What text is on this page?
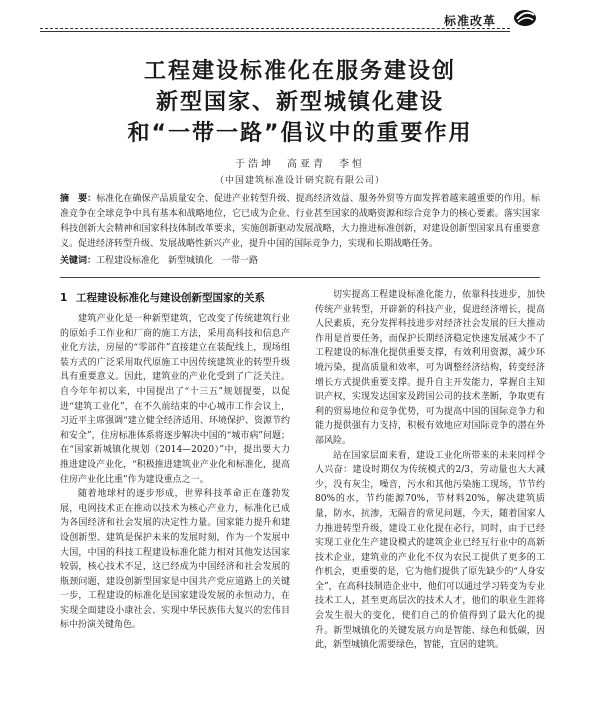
标准改革
工程建设标准化在服务建设创
新型国家、新型城镇化建设
和“一带一路”倡议中的重要作用
于浩坤　高亚青　李恒
（中国建筑标准设计研究院有限公司）
摘　要：标准化在确保产品质量安全、促进产业转型升级、提高经济效益、服务外贸等方面发挥着越来越重要的作用。标准竞争在全球竞争中具有基本和战略地位，它已成为企业、行业甚至国家的战略资源和综合竞争力的核心要素。落实国家科技创新大会精神和国家科技体制改革要求，实施创新驱动发展战略，大力推进标准创新，对建设创新型国家具有重要意义。促进经济转型升级、发展战略性新兴产业，提升中国的国际竞争力，实现和长期战略任务。
关键词：工程建设标准化　新型城镇化　一带一路
1 工程建设标准化与建设创新型国家的关系

建筑产业化是一种新型建筑，它改变了传统建筑行业的原始手工作业和厂商的施工方法，采用高科技和信息产业化方法，房屋的“零部件”直接建立在装配线上，现场组装方式的广泛采用取代原施工中因传统建筑业的转型升级具有重要意义。因此，建筑业的产业化受到了广泛关注。自今年年初以来，中国提出了“十三五”规划提要，以促进“建筑工业化”，在不久前结束的中心城市工作会议上，习近平主席强调“建立健全经济适用、环境保护、资源节约和安全”，住房标准体系将逐步解决中国的“城市病”问题；在“国家新城镇化规划（2014—2020）”中，提出要大力推进建设产业化，“积极推进建筑业产业化和标准化，提高住房产业化比重”作为建设重点之一。

随着地球村的逐步形成，世界科技革命正在蓬勃发展，电网技术正在推动以技术为核心产业力，标准化已成为各国经济和社会发展的决定性力量。国家能力提升和建设创新型、建筑是保护未来的发展时刻，作为一个发展中大国，中国的科技工程建设标准化能力相对其他发达国家较弱，核心技术不足，这已经成为中国经济和社会发展的瓶颈问题，建设创新型国家是中国共产党应道路上的关键一步，工程建设的标准化是国家建设发展的永恒动力，在实现全面建设小康社会、实现中华民族伟大复兴的宏伟目标中扮演关键角色。

切实提高工程建设标准化能力，依靠科技进步，加快传统产业转型，开辟新的科技产业，促进经济增长，提高人民素质，充分发挥科技进步对经济社会发展的巨大推动作用是首要任务，而保护长期经济稳定快速发展减少不了工程建设的标准化提供重要支撑，有效利用资源，减少环境污染，提高质量和效率，可为调整经济结构，转变经济增长方式提供重要支撑。提升自主开发能力，掌握自主知识产权，实现发达国家及跨国公司的技术垄断，争取更有利的贸易地位和竞争优势，可为提高中国的国际竞争力和能力提供强有力支持，积极有效地应对国际竞争的潜在外部风险。

站在国家层面来看，建设工业化所带来的未来同样令人兴奋：建设时期仅为传统模式的2/3，劳动量也大大减少，没有灰尘，噪音，污水和其他污染施工现场，节节约80%的水，节约能源70%，节材料20%，解决建筑质量，防水，抗渗，无隔音的常见问题，今天，随着国家人力推进转型升级，建设工业化提在必行，同时，由于已经实现工业化生产建设模式的建筑企业已经互行业中的高新技术企业，建筑业的产业化不仅为农民工提供了更多的工作机会，更重要的是，它为他们提供了原先缺少的“人身安全”，在高科技制造企业中，他们可以通过学习转变为专业技术工人，甚至更高层次的技术人才，他们的职业生涯将会发生很大的变化，使们自己的价值得到了最大化的提升。新型城镇化的关键发展方向是智能、绿色和低碳，因此，新型城镇化需要绿色，智能，宜居的建筑。
